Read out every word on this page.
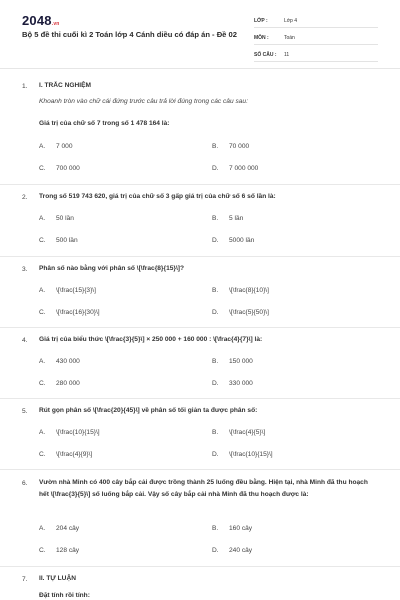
2048.vn
Bộ 5 đề thi cuối kì 2 Toán lớp 4 Cánh diều có đáp án - Đề 02
LỚP :	Lớp 4
MÔN :	Toán
SỐ CÂU :	11
1. I. TRẮC NGHIỆM
Khoanh tròn vào chữ cái đứng trước câu trả lời đúng trong các câu sau:
Giá trị của chữ số 7 trong số 1 478 164 là:
A.	7 000	B.	70 000
C.	700 000	D.	7 000 000
2. Trong số 519 743 620, giá trị của chữ số 3 gấp giá trị của chữ số 6 số lần là:
A.	50 lần	B.	5 lần
C.	500 lần	D.	5000 lần
3. Phân số nào bằng với phân số \[\frac{8}{15}\]?
A.	\[\frac{15}{3}\]	B.	\[\frac{8}{10}\]
C.	\[\frac{16}{30}\]	D.	\[\frac{5}{50}\]
4. Giá trị của biểu thức \[\frac{3}{5}\] × 250 000 + 160 000 : \[\frac{4}{7}\] là:
A.	430 000	B.	150 000
C.	280 000	D.	330 000
5. Rút gọn phân số \[\frac{20}{45}\] về phân số tối giản ta được phân số:
A.	\[\frac{10}{15}\]	B.	\[\frac{4}{5}\]
C.	\[\frac{4}{9}\]	D.	\[\frac{10}{15}\]
6. Vườn nhà Minh có 400 cây bắp cải được trồng thành 25 luống đều bằng. Hiện tại, nhà Minh đã thu hoạch hết \[\frac{3}{5}\] số luống bắp cải. Vậy số cây bắp cải nhà Minh đã thu hoạch được là:
A.	204 cây	B.	160 cây
C.	128 cây	D.	240 cây
7. II. TỰ LUẬN
Đặt tính rồi tính:
